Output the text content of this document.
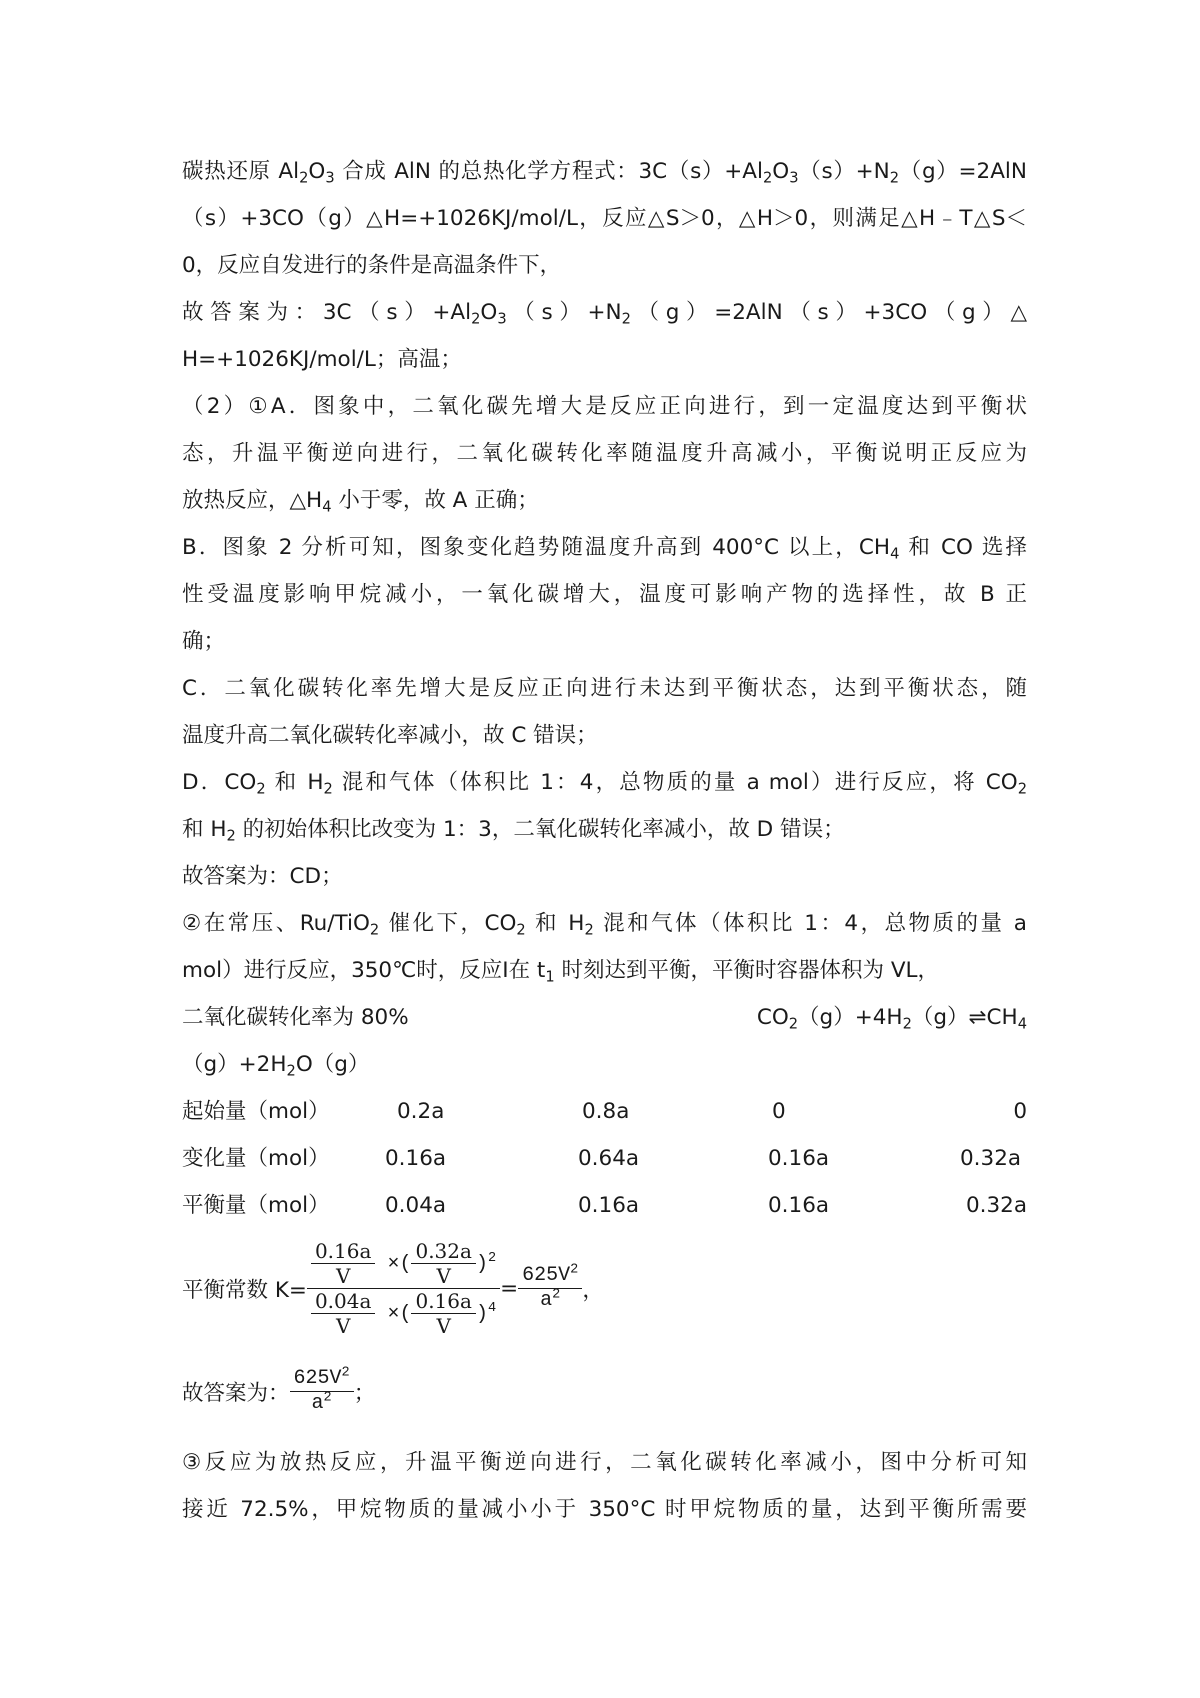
碳热还原 $Al_2O_3$ 合成 AlN 的总热化学方程式：$3C(s)+Al_2O_3(s)+N_2(g)=2AlN$
（s）+3CO（g）△H=+1026KJ/mol/L，反应△S＞0，△H＞0，则满足△H﹣T△S＜
0，反应自发进行的条件是高温条件下，
故答案为：$3C(s)+Al_2O_3(s)+N_2(g)=2AlN(s)+3CO(g)\triangle$
H=+1026KJ/mol/L；高温；
（2）①A．图象中，二氧化碳先增大是反应正向进行，到一定温度达到平衡状
态，升温平衡逆向进行，二氧化碳转化率随温度升高减小，平衡说明正反应为
放热反应，$\triangle H_4$ 小于零，故 A 正确；
B．图象 2 分析可知，图象变化趋势随温度升高到 400°C 以上，$CH_4$ 和 CO 选择
性受温度影响甲烷减小，一氧化碳增大，温度可影响产物的选择性，故 B 正
确；
C．二氧化碳转化率先增大是反应正向进行未达到平衡状态，达到平衡状态，随
温度升高二氧化碳转化率减小，故 C 错误；
D．$CO_2$ 和 $H_2$ 混和气体（体积比 1：4，总物质的量 a mol）进行反应，将 $CO_2$
和 $H_2$ 的初始体积比改变为 1：3，二氧化碳转化率减小，故 D 错误；
故答案为：CD；
②在常压、Ru/TiO$_2$ 催化下，$CO_2$ 和 $H_2$ 混和气体（体积比 1：4，总物质的量 a
mol）进行反应，350℃时，反应Ⅰ在 $t_1$ 时刻达到平衡，平衡时容器体积为 VL，
二氧化碳转化率为 80%	$CO_2(g)+4H_2(g)\rightleftharpoons CH_4$
$(g)+2H_2O(g)$
起始量（mol）	0.2a	0.8a	0	0
变化量（mol）	0.16a	0.64a	0.16a	0.32a
平衡量（mol）	0.04a	0.16a	0.16a	0.32a
平衡常数 $K= \frac{\frac{0.16a}{V} \times( \frac{0.32a}{V} )^2}{\frac{0.04a}{V} \times( \frac{0.16a}{V} )^4} = \frac{625V^2}{a^2}$ ，
故答案为： $\frac{625V^2}{a^2}$ ；
③反应为放热反应，升温平衡逆向进行，二氧化碳转化率减小，图中分析可知
接近 72.5%，甲烷物质的量减小小于 350°C 时甲烷物质的量，达到平衡所需要
